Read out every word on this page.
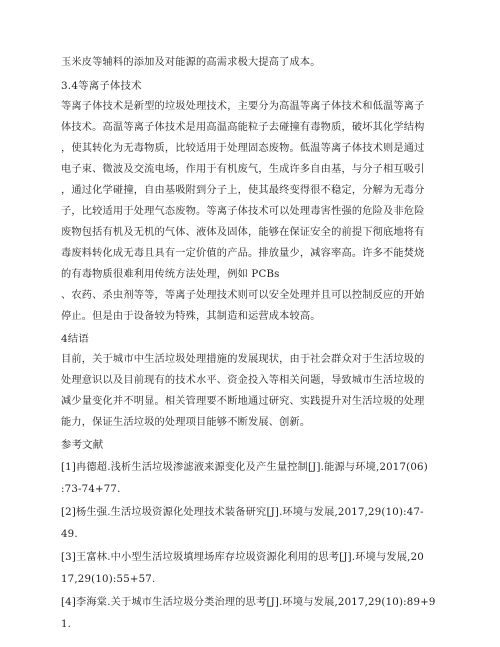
玉米皮等辅料的添加及对能源的高需求极大提高了成本。
3.4等离子体技术
等离子体技术是新型的垃圾处理技术，主要分为高温等离子体技术和低温等离子
体技术。高温等离子体技术是用高温高能粒子去碰撞有毒物质，破坏其化学结构
，使其转化为无毒物质，比较适用于处理固态废物。低温等离子体技术则是通过
电子束、微波及交流电场，作用于有机废气，生成许多自由基，与分子相互吸引
，通过化学碰撞，自由基吸附到分子上，使其最终变得很不稳定，分解为无毒分
子，比较适用于处理气态废物。等离子体技术可以处理毒害性强的危险及非危险
废物包括有机及无机的气体、液体及固体，能够在保证安全的前提下彻底地将有
毒废料转化成无毒且具有一定价值的产品。排放量少，减容率高。许多不能焚烧
的有毒物质很难利用传统方法处理，例如 PCBs
、农药、杀虫剂等等，等离子处理技术则可以安全处理并且可以控制反应的开始
停止。但是由于设备较为特殊，其制造和运营成本较高。
4结语
目前，关于城市中生活垃圾处理措施的发展现状，由于社会群众对于生活垃圾的
处理意识以及目前现有的技术水平、资金投入等相关问题，导致城市生活垃圾的
减少量变化并不明显。相关管理要不断地通过研究、实践提升对生活垃圾的处理
能力，保证生活垃圾的处理项目能够不断发展、创新。
参考文献
[1]冉德超.浅析生活垃圾渗滤液来源变化及产生量控制[J].能源与环境,2017(06)
:73-74+77.
[2]杨生强.生活垃圾资源化处理技术装备研究[J].环境与发展,2017,29(10):47-
49.
[3]王富林.中小型生活垃圾填埋场库存垃圾资源化利用的思考[J].环境与发展,20
17,29(10):55+57.
[4]李海棠.关于城市生活垃圾分类治理的思考[J].环境与发展,2017,29(10):89+9
1.
